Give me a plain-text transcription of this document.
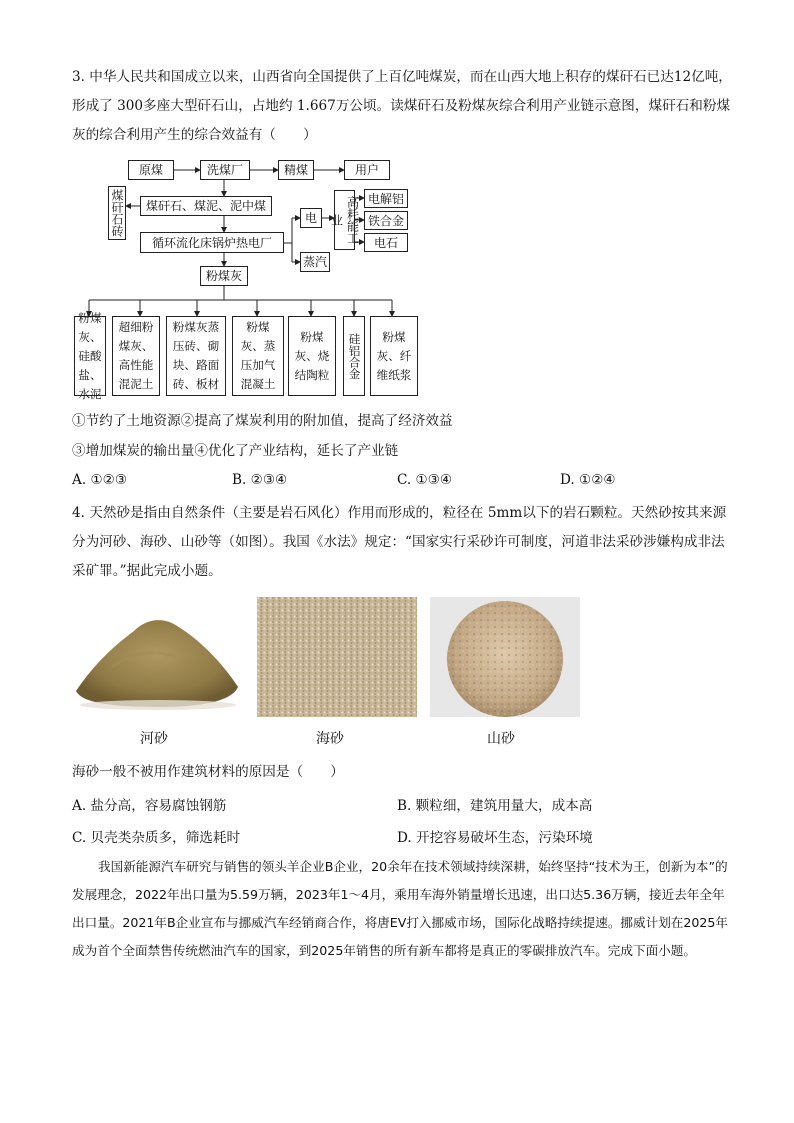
3. 中华人民共和国成立以来，山西省向全国提供了上百亿吨煤炭，而在山西大地上积存的煤矸石已达12亿吨，形成了 300多座大型矸石山，占地约 1.667万公顷。读煤矸石及粉煤灰综合利用产业链示意图，煤矸石和粉煤灰的综合利用产生的综合效益有（　　）

原煤	洗煤厂	精煤	用户
煤矸石砖	煤矸石、煤泥、泥中煤
循环流化床锅炉热电厂
粉煤灰
电
蒸汽
高耗能工业
电解铝
铁合金
电石
粉煤灰、硅酸盐、水泥
超细粉煤灰、高性能混泥土
粉煤灰蒸压砖、砌块、路面砖、板材
粉煤灰、蒸压加气混凝土
粉煤灰、烧结陶粒	硅铝合金	粉煤灰、纤维纸浆

①节约了土地资源②提高了煤炭利用的附加值，提高了经济效益

③增加煤炭的输出量④优化了产业结构，延长了产业链

A. ①②③	B. ②③④	C. ①③④	D. ①②④

4. 天然砂是指由自然条件（主要是岩石风化）作用而形成的，粒径在 5mm以下的岩石颗粒。天然砂按其来源分为河砂、海砂、山砂等（如图）。我国《水法》规定：“国家实行采砂许可制度，河道非法采砂涉嫌构成非法采矿罪。”据此完成小题。

河砂	海砂	山砂

海砂一般不被用作建筑材料的原因是（　　）

A. 盐分高，容易腐蚀钢筋	B. 颗粒细，建筑用量大，成本高
C. 贝壳类杂质多，筛选耗时	D. 开挖容易破坏生态，污染环境

我国新能源汽车研究与销售的领头羊企业B企业，20余年在技术领域持续深耕，始终坚持“技术为王，创新为本”的发展理念，2022年出口量为5.59万辆，2023年1～4月，乘用车海外销量增长迅速，出口达5.36万辆，接近去年全年出口量。2021年B企业宣布与挪威汽车经销商合作，将唐EV打入挪威市场，国际化战略持续提速。挪威计划在2025年成为首个全面禁售传统燃油汽车的国家，到2025年销售的所有新车都将是真正的零碳排放汽车。完成下面小题。
